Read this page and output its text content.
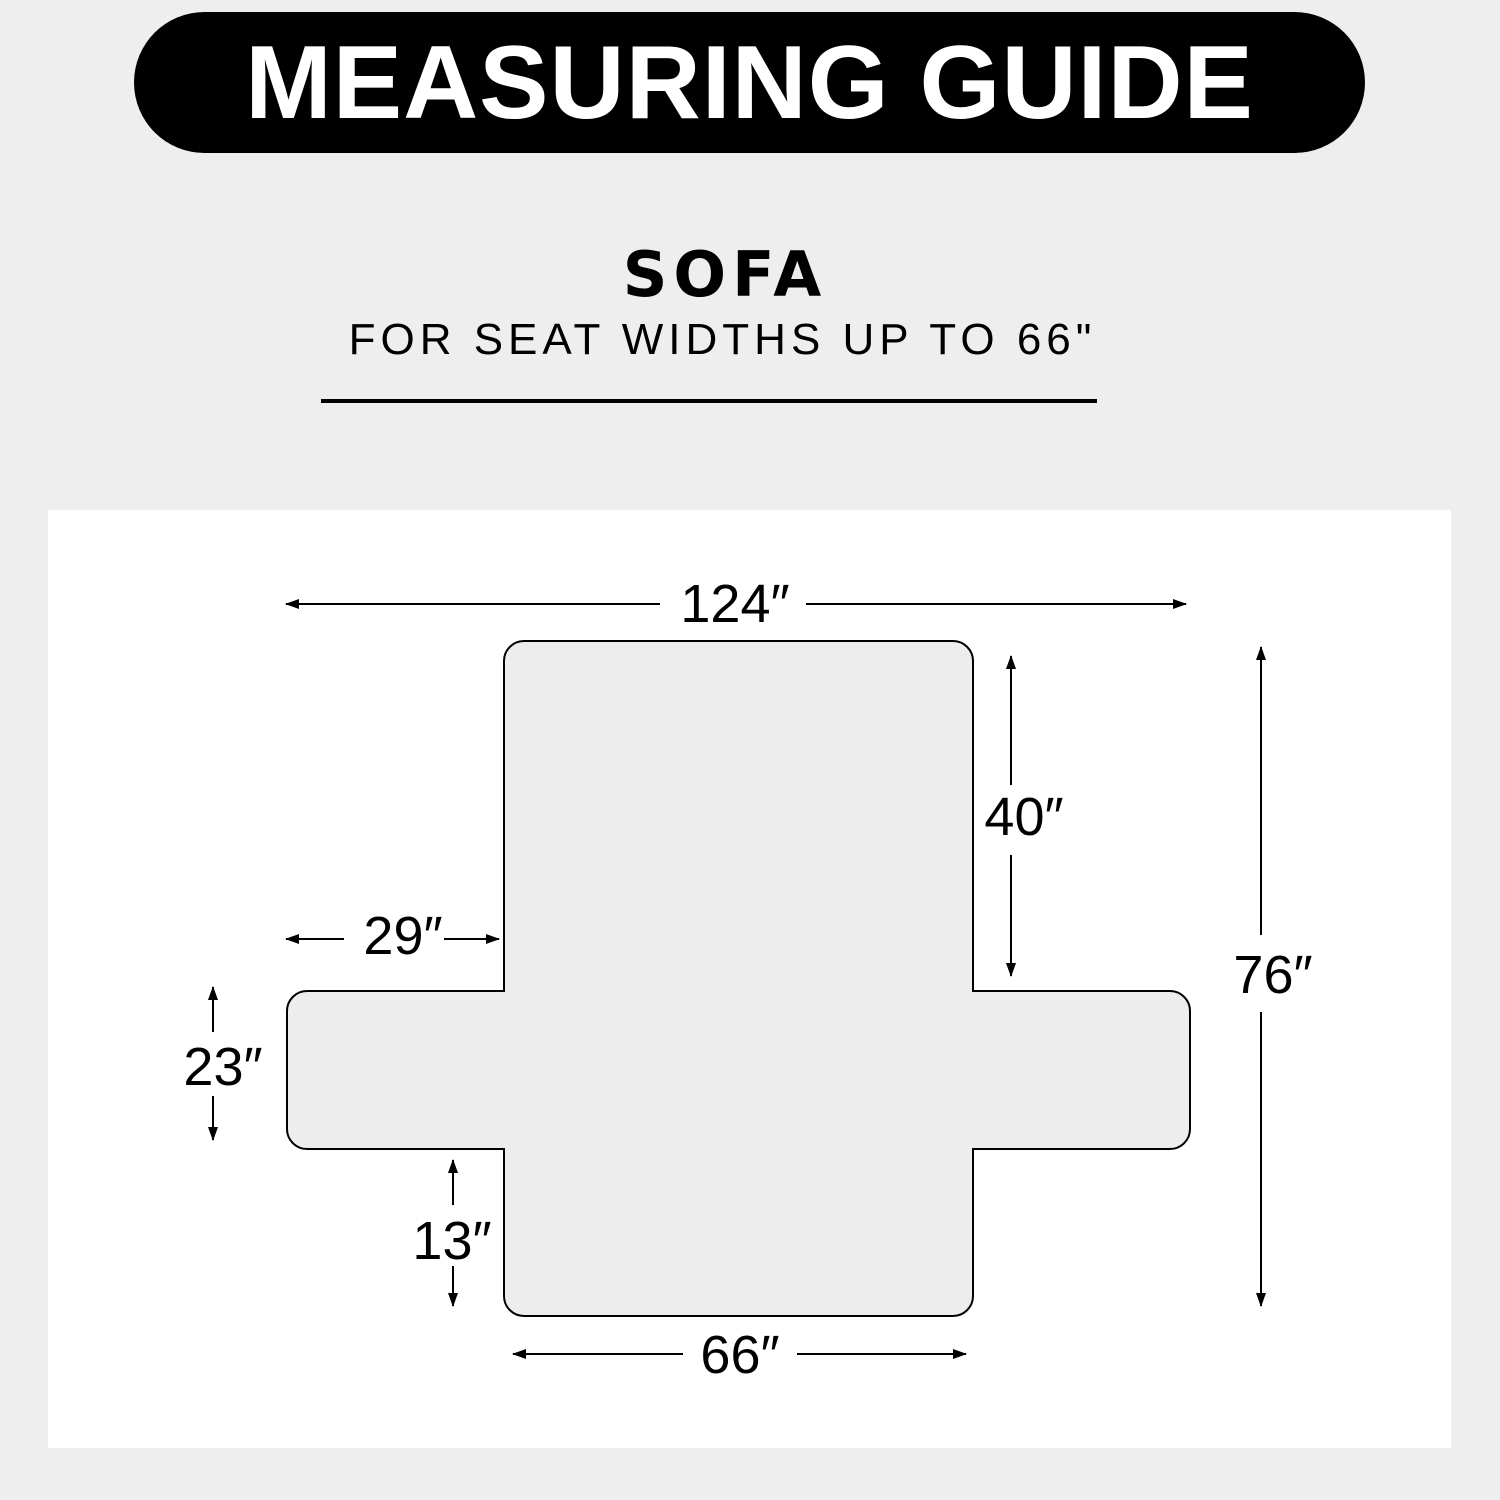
MEASURING GUIDE
SOFA
FOR SEAT WIDTHS UP TO 66"
124″
40″
76″
29″
23″
13″
66″
